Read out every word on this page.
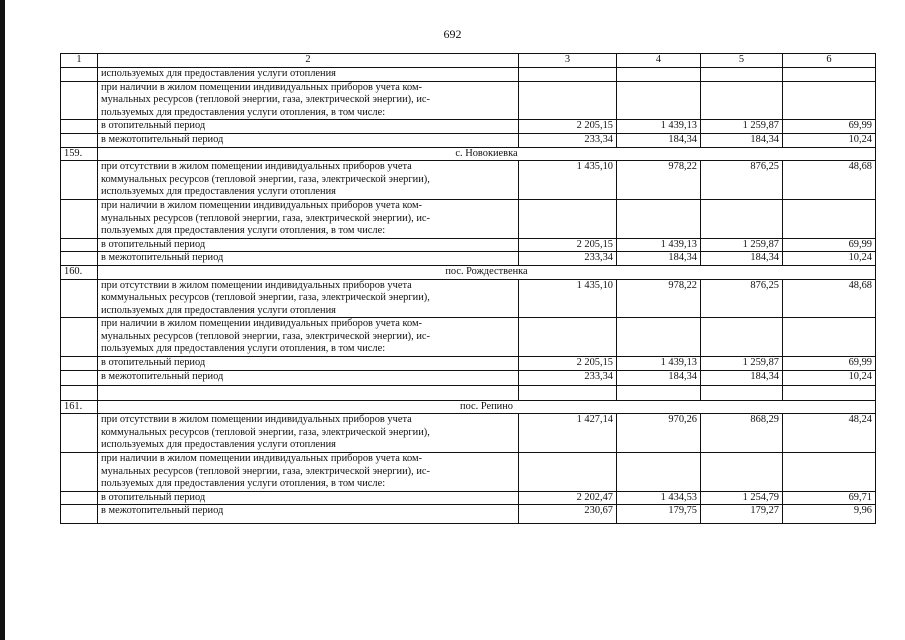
692
1	2	3	4	5	6
	используемых для предоставления услуги отопления				
	при наличии в жилом помещении индивидуальных приборов учета ком-
мунальных ресурсов (тепловой энергии, газа, электрической энергии), ис-
пользуемых для предоставления услуги отопления, в том числе:				
	в отопительный период	2 205,15	1 439,13	1 259,87	69,99
	в межотопительный период	233,34	184,34	184,34	10,24
159.	с. Новокиевка				
	при отсутствии в жилом помещении индивидуальных приборов учета
коммунальных ресурсов (тепловой энергии, газа, электрической энергии),
используемых для предоставления услуги отопления	1 435,10	978,22	876,25	48,68
	при наличии в жилом помещении индивидуальных приборов учета ком-
мунальных ресурсов (тепловой энергии, газа, электрической энергии), ис-
пользуемых для предоставления услуги отопления, в том числе:				
	в отопительный период	2 205,15	1 439,13	1 259,87	69,99
	в межотопительный период	233,34	184,34	184,34	10,24
160.	пос. Рождественка				
	при отсутствии в жилом помещении индивидуальных приборов учета
коммунальных ресурсов (тепловой энергии, газа, электрической энергии),
используемых для предоставления услуги отопления	1 435,10	978,22	876,25	48,68
	при наличии в жилом помещении индивидуальных приборов учета ком-
мунальных ресурсов (тепловой энергии, газа, электрической энергии), ис-
пользуемых для предоставления услуги отопления, в том числе:				
	в отопительный период	2 205,15	1 439,13	1 259,87	69,99
	в межотопительный период	233,34	184,34	184,34	10,24

161.	пос. Репино				
	при отсутствии в жилом помещении индивидуальных приборов учета
коммунальных ресурсов (тепловой энергии, газа, электрической энергии),
используемых для предоставления услуги отопления	1 427,14	970,26	868,29	48,24
	при наличии в жилом помещении индивидуальных приборов учета ком-
мунальных ресурсов (тепловой энергии, газа, электрической энергии), ис-
пользуемых для предоставления услуги отопления, в том числе:				
	в отопительный период	2 202,47	1 434,53	1 254,79	69,71
	в межотопительный период	230,67	179,75	179,27	9,96
